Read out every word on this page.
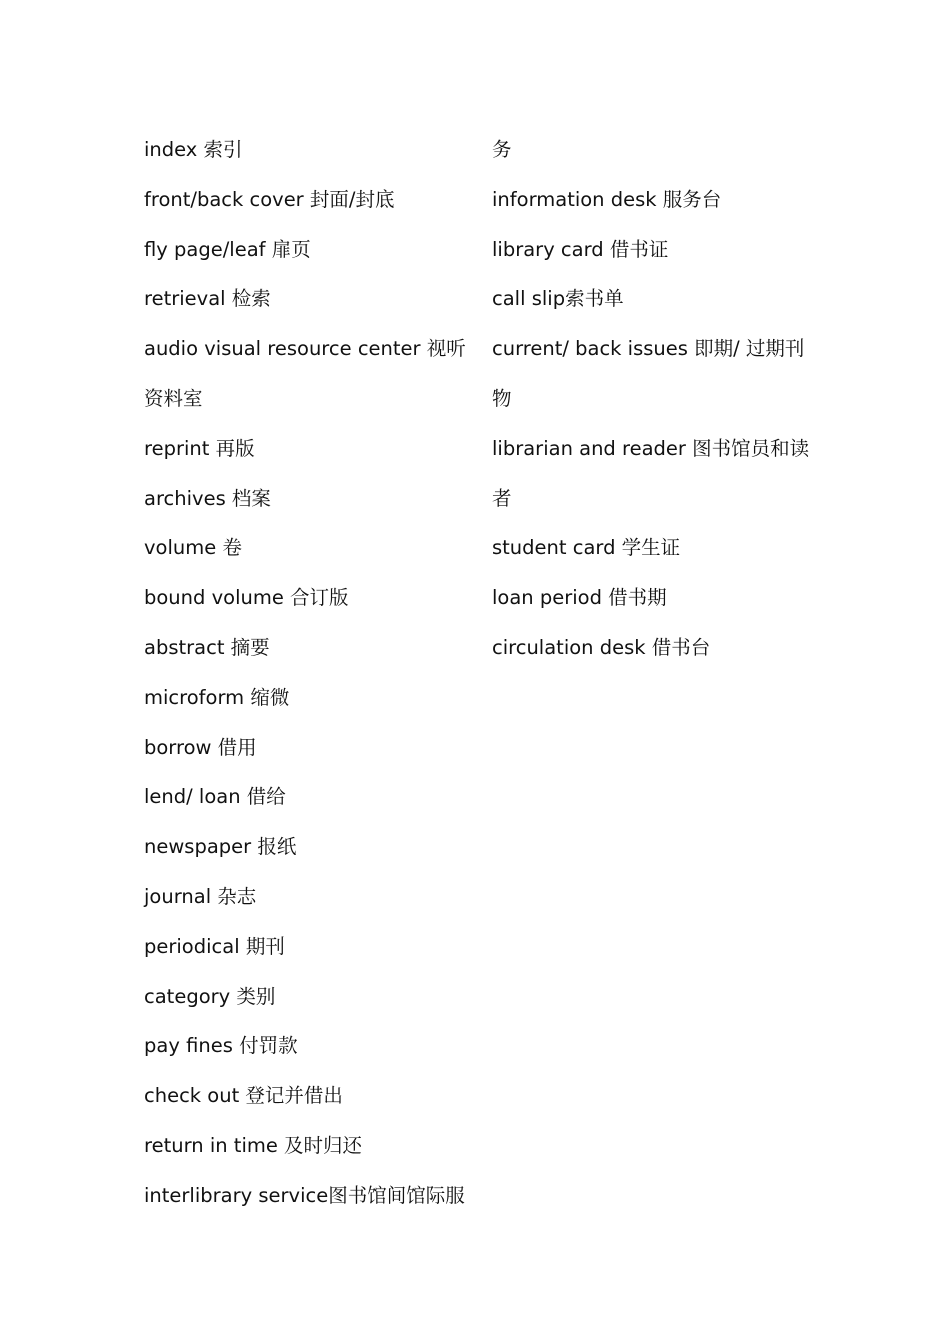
index 索引
front/back cover 封面/封底
fly page/leaf 扉页
retrieval 检索
audio visual resource center 视听
资料室
reprint 再版
archives 档案
volume 卷
bound volume 合订版
abstract 摘要
microform 缩微
borrow 借用
lend/ loan 借给
newspaper 报纸
journal 杂志
periodical 期刊
category 类别
pay fines 付罚款
check out 登记并借出
return in time 及时归还
interlibrary service图书馆间馆际服
务
information desk 服务台
library card 借书证
call slip索书单
current/ back issues 即期/ 过期刊
物
librarian and reader 图书馆员和读
者
student card 学生证
loan period 借书期
circulation desk 借书台
